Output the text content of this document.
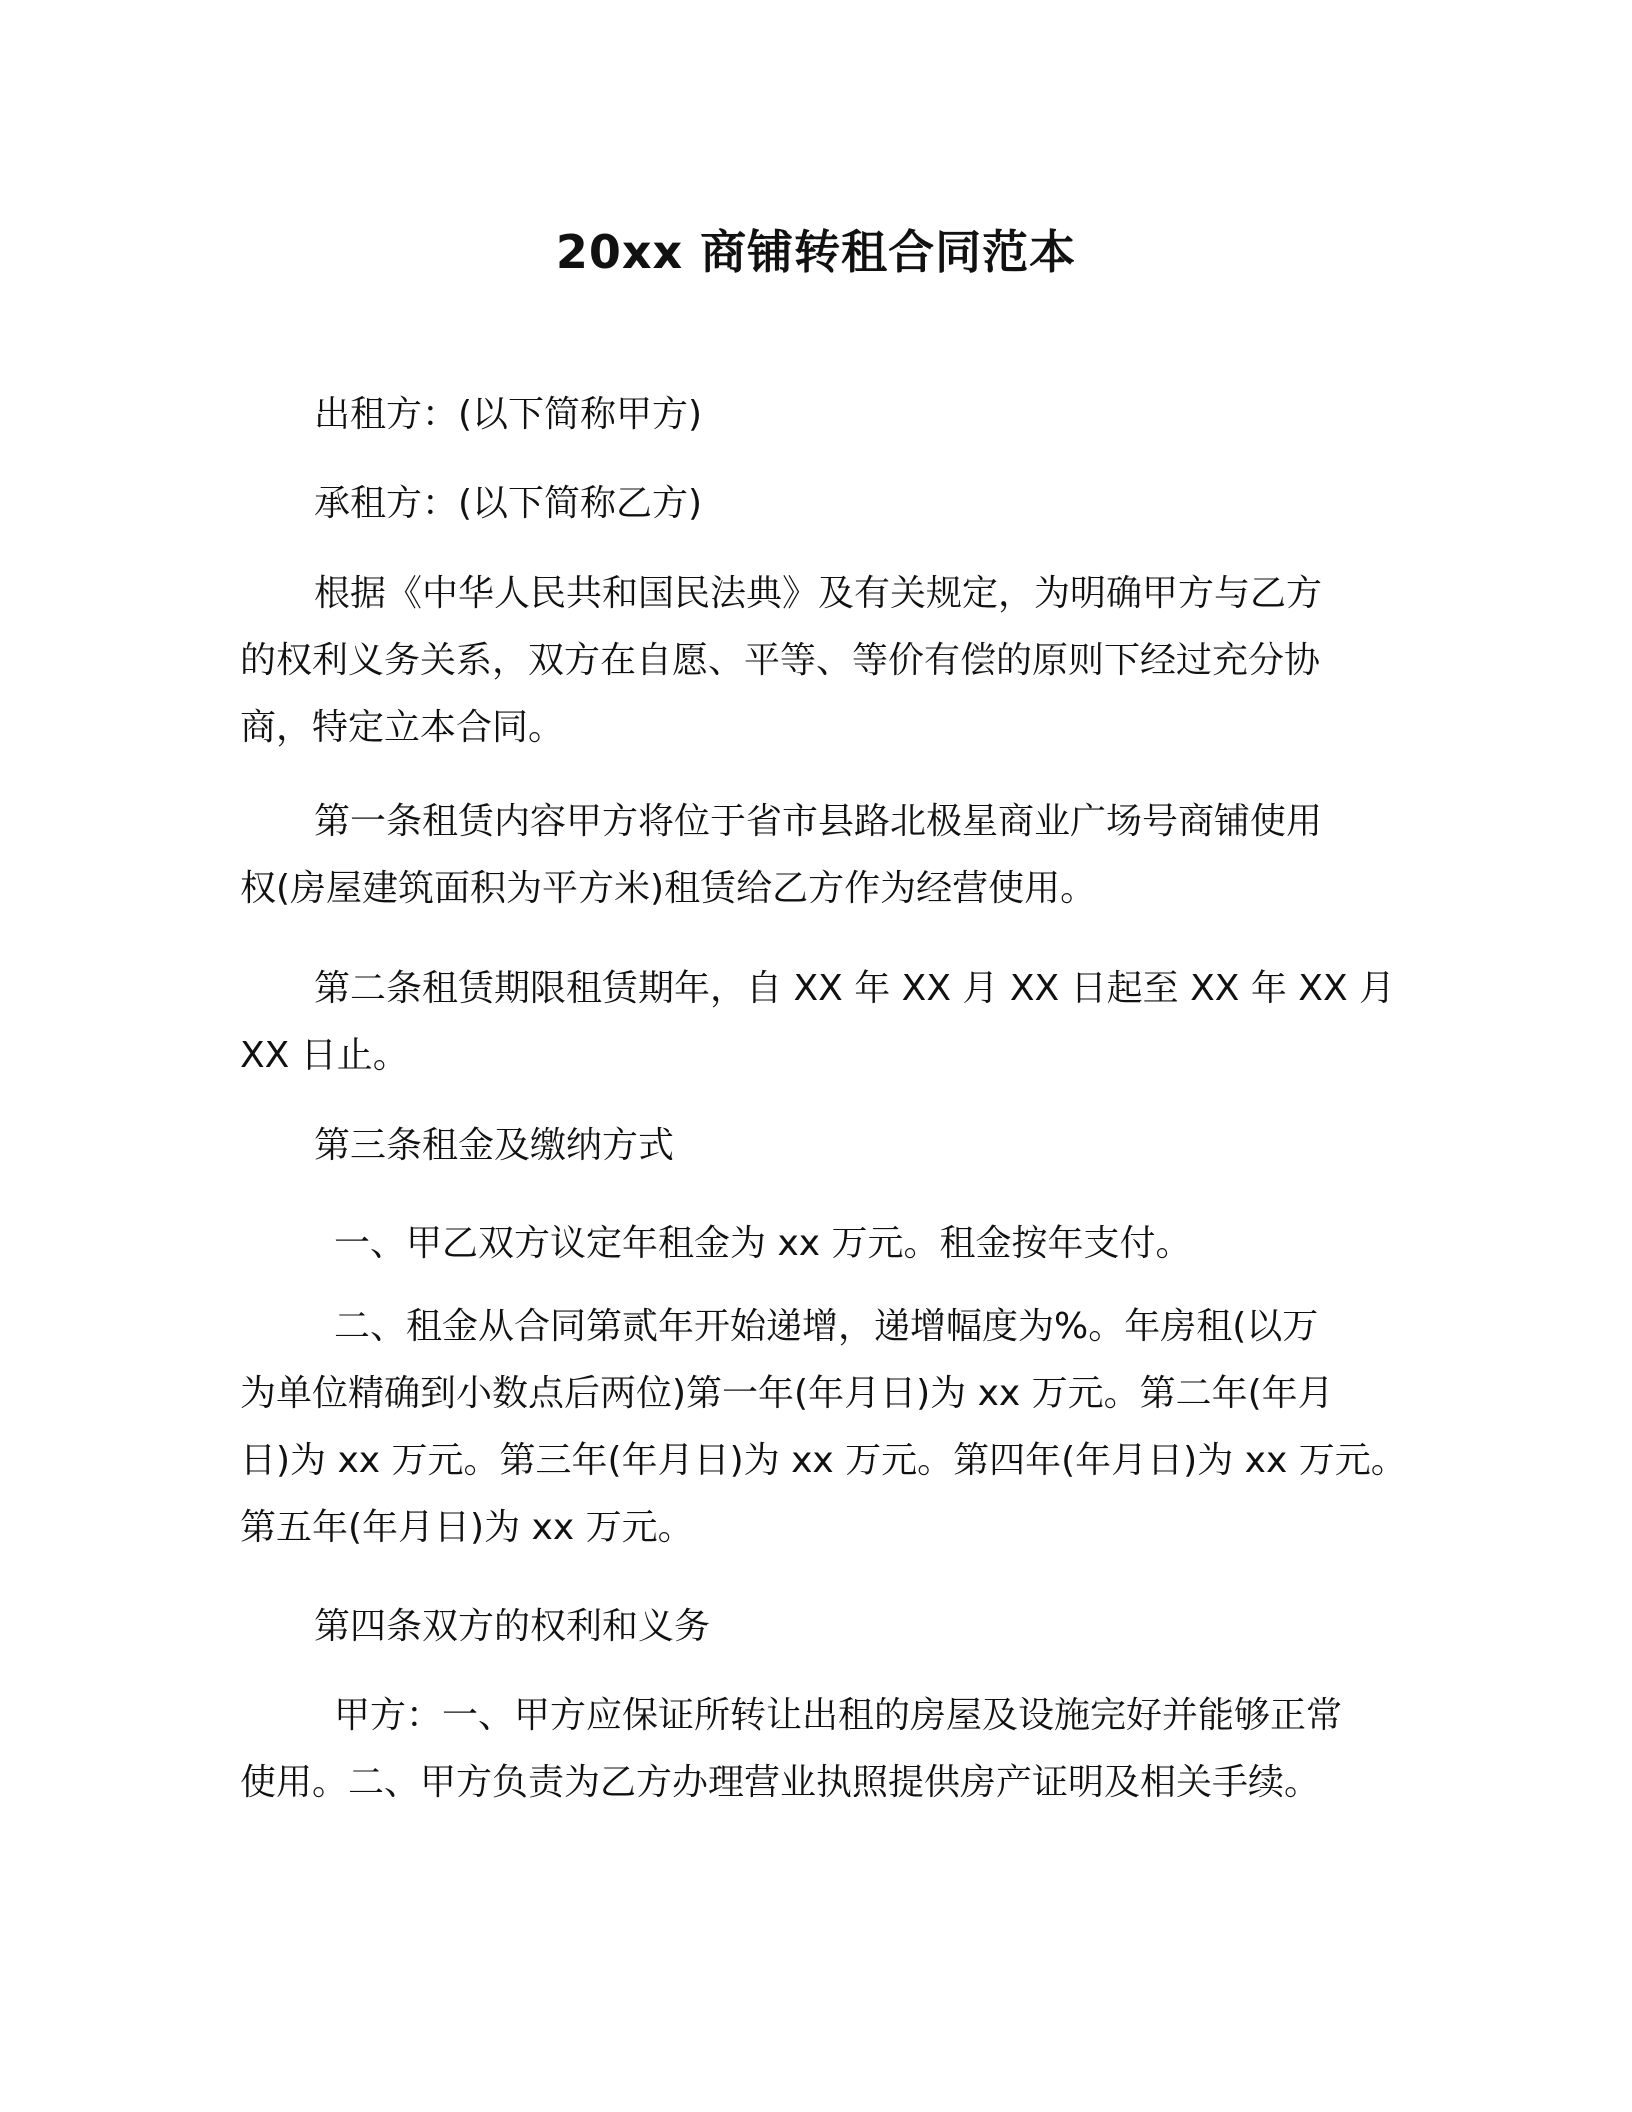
20xx 商铺转租合同范本
出租方：(以下简称甲方)
承租方：(以下简称乙方)
根据《中华人民共和国民法典》及有关规定，为明确甲方与乙方
的权利义务关系，双方在自愿、平等、等价有偿的原则下经过充分协
商，特定立本合同。
第一条租赁内容甲方将位于省市县路北极星商业广场号商铺使用
权(房屋建筑面积为平方米)租赁给乙方作为经营使用。
第二条租赁期限租赁期年，自 XX 年 XX 月 XX 日起至 XX 年 XX 月
XX 日止。
第三条租金及缴纳方式
一、甲乙双方议定年租金为 xx 万元。租金按年支付。
二、租金从合同第贰年开始递增，递增幅度为%。年房租(以万
为单位精确到小数点后两位)第一年(年月日)为 xx 万元。第二年(年月
日)为 xx 万元。第三年(年月日)为 xx 万元。第四年(年月日)为 xx 万元。
第五年(年月日)为 xx 万元。
第四条双方的权利和义务
甲方：一、甲方应保证所转让出租的房屋及设施完好并能够正常
使用。二、甲方负责为乙方办理营业执照提供房产证明及相关手续。
